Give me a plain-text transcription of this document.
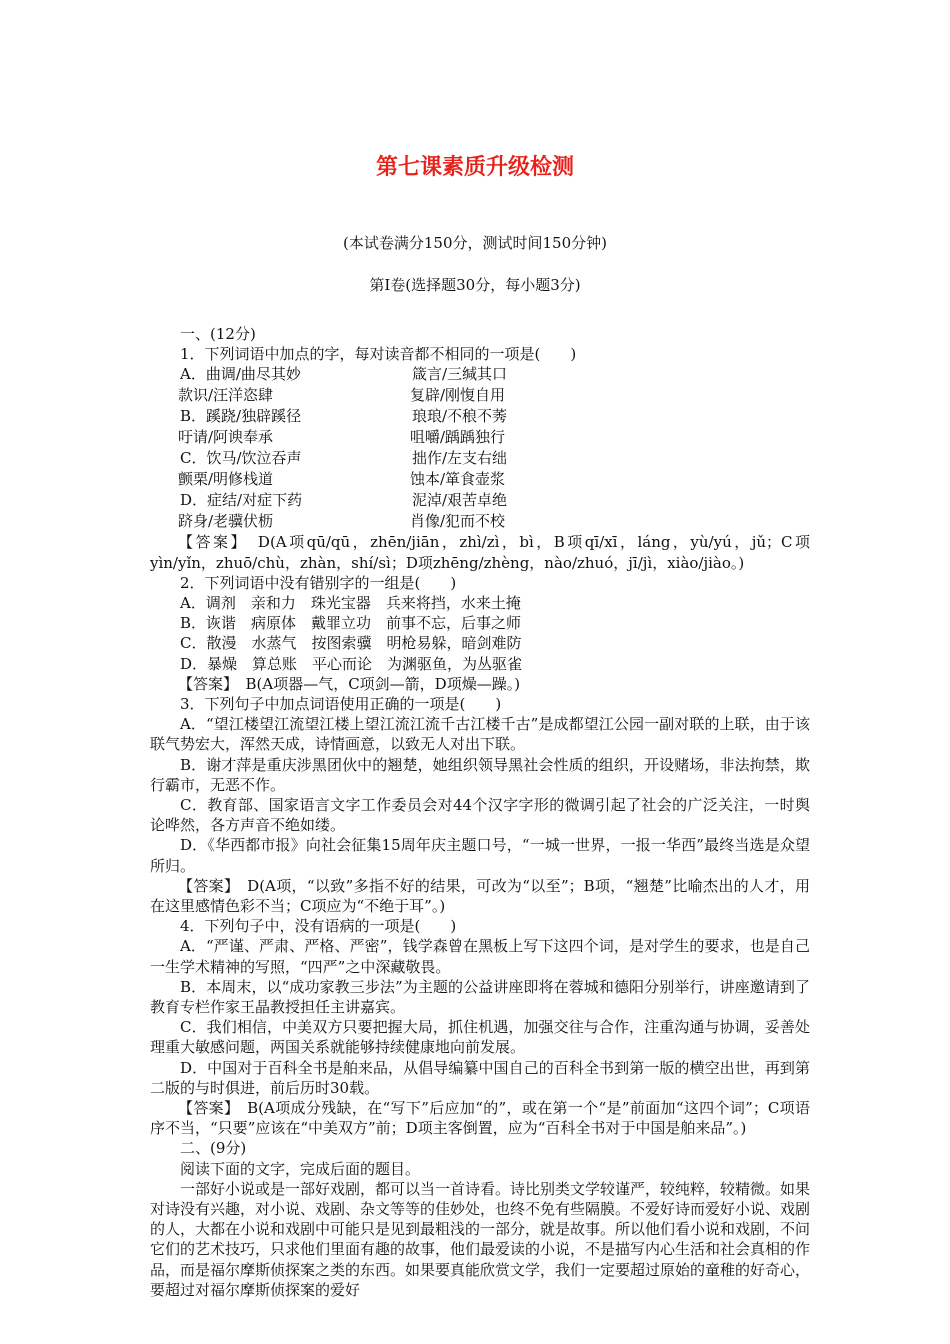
第七课素质升级检测
(本试卷满分150分，测试时间150分钟)
第Ⅰ卷(选择题30分，每小题3分)
一、(12分)
1．下列词语中加点的字，每对读音都不相同的一项是(　　)
A．曲调/曲尽其妙	箴言/三缄其口
款识/汪洋恣肆	复辟/刚愎自用
B．蹊跷/独辟蹊径	琅琅/不稂不莠
吁请/阿谀奉承	咀嚼/踽踽独行
C．饮马/饮泣吞声	拙作/左支右绌
颤栗/明修栈道	蚀本/箪食壶浆
D．症结/对症下药	泥淖/艰苦卓绝
跻身/老骥伏枥	肖像/犯而不校
【答案】　D(A项qū/qū，zhēn/jiān，zhì/zì，bì，B项qī/xī，láng，yù/yú，jǔ；C项yìn/yǐn，zhuō/chù，zhàn，shí/sì；D项zhēng/zhèng，nào/zhuó，jī/jì，xiào/jiào。)
2．下列词语中没有错别字的一组是(　　)
A．调剂　亲和力　珠光宝器　兵来将挡，水来土掩
B．诙谐　病原体　戴罪立功　前事不忘，后事之师
C．散漫　水蒸气　按图索骥　明枪易躲，暗剑难防
D．暴燥　算总账　平心而论　为渊驱鱼，为丛驱雀
【答案】　B(A项器—气，C项剑—箭，D项燥—躁。)
3．下列句子中加点词语使用正确的一项是(　　)
A．“望江楼望江流望江楼上望江流江流千古江楼千古”是成都望江公园一副对联的上联，由于该联气势宏大，浑然天成，诗情画意，以致无人对出下联。
B．谢才萍是重庆涉黑团伙中的翘楚，她组织领导黑社会性质的组织，开设赌场，非法拘禁，欺行霸市，无恶不作。
C．教育部、国家语言文字工作委员会对44个汉字字形的微调引起了社会的广泛关注，一时舆论哗然，各方声音不绝如缕。
D．《华西都市报》向社会征集15周年庆主题口号，“一城一世界，一报一华西”最终当选是众望所归。
【答案】　D(A项，“以致”多指不好的结果，可改为“以至”；B项，“翘楚”比喻杰出的人才，用在这里感情色彩不当；C项应为“不绝于耳”。)
4．下列句子中，没有语病的一项是(　　)
A．“严谨、严肃、严格、严密”，钱学森曾在黑板上写下这四个词，是对学生的要求，也是自己一生学术精神的写照，“四严”之中深藏敬畏。
B．本周末，以“成功家教三步法”为主题的公益讲座即将在蓉城和德阳分别举行，讲座邀请到了教育专栏作家王晶教授担任主讲嘉宾。
C．我们相信，中美双方只要把握大局，抓住机遇，加强交往与合作，注重沟通与协调，妥善处理重大敏感问题，两国关系就能够持续健康地向前发展。
D．中国对于百科全书是舶来品，从倡导编纂中国自己的百科全书到第一版的横空出世，再到第二版的与时俱进，前后历时30载。
【答案】　B(A项成分残缺，在“写下”后应加“的”，或在第一个“是”前面加“这四个词”；C项语序不当，“只要”应该在“中美双方”前；D项主客倒置，应为“百科全书对于中国是舶来品”。)
二、(9分)
阅读下面的文字，完成后面的题目。
一部好小说或是一部好戏剧，都可以当一首诗看。诗比别类文学较谨严，较纯粹，较精微。如果对诗没有兴趣，对小说、戏剧、杂文等等的佳妙处，也终不免有些隔膜。不爱好诗而爱好小说、戏剧的人，大都在小说和戏剧中可能只是见到最粗浅的一部分，就是故事。所以他们看小说和戏剧，不问它们的艺术技巧，只求他们里面有趣的故事，他们最爱读的小说，不是描写内心生活和社会真相的作品，而是福尔摩斯侦探案之类的东西。如果要真能欣赏文学，我们一定要超过原始的童稚的好奇心，要超过对福尔摩斯侦探案的爱好
